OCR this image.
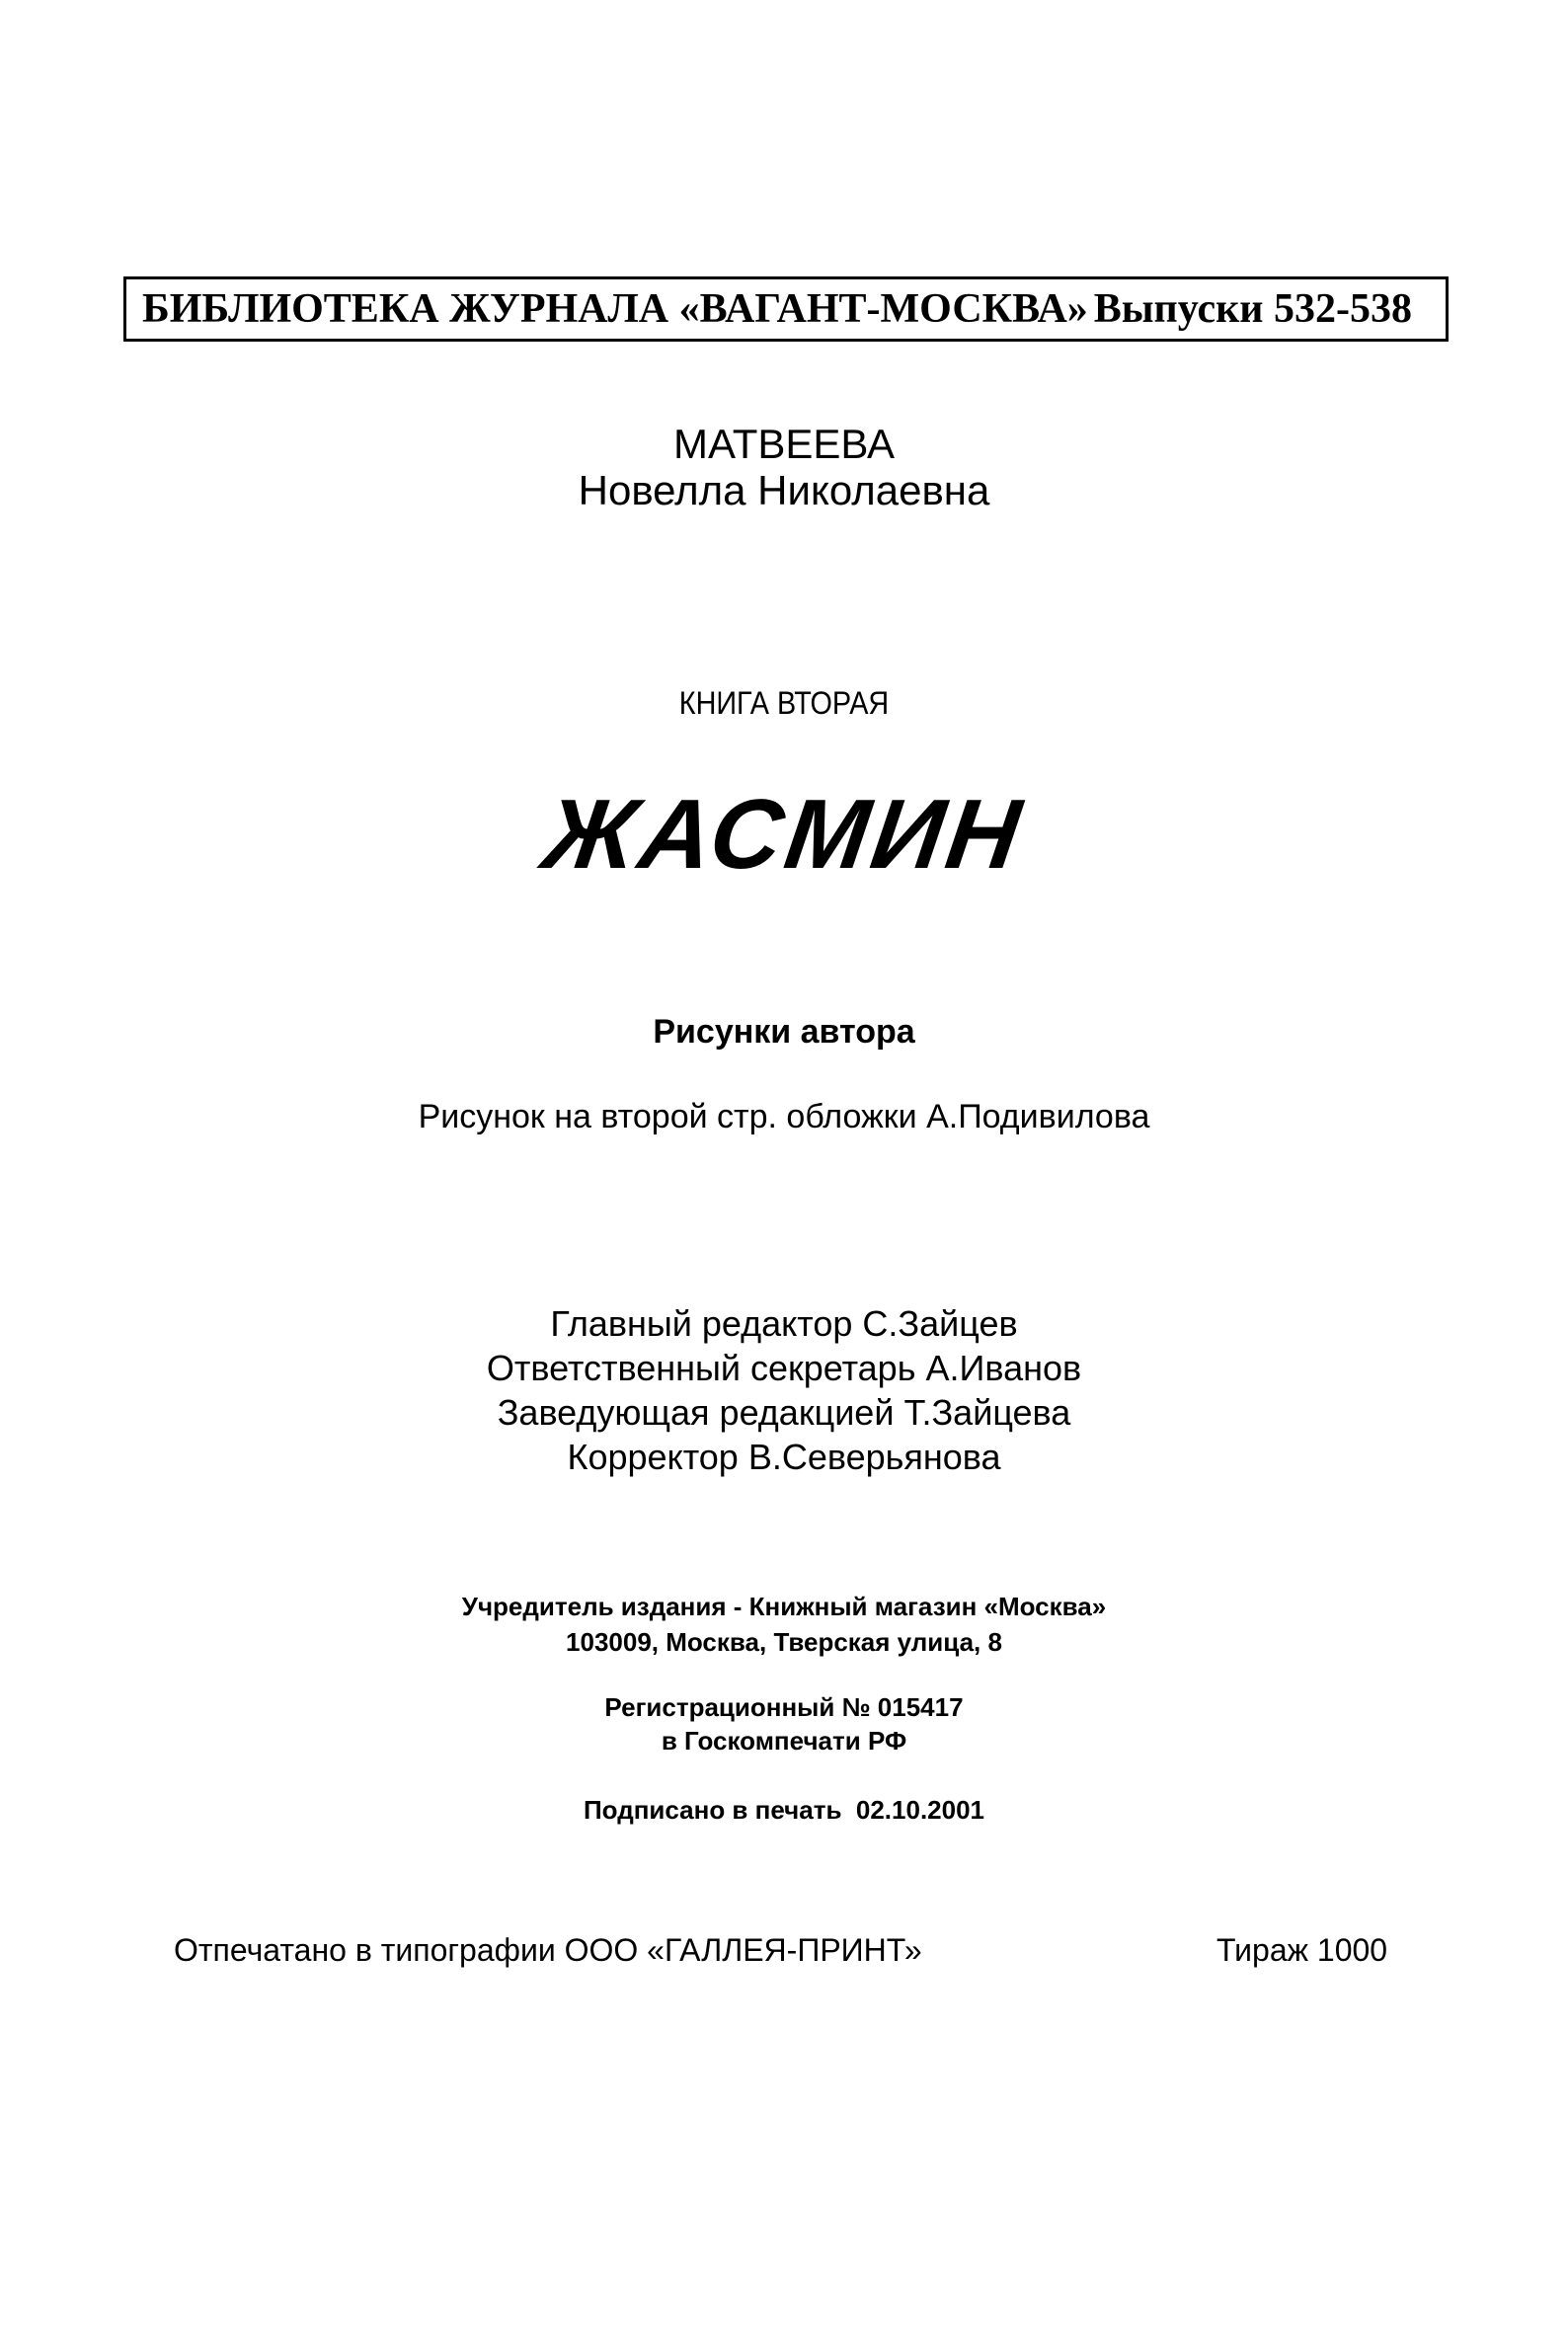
БИБЛИОТЕКА ЖУРНАЛА «ВАГАНТ-МОСКВА» Выпуски 532-538
МАТВЕЕВА
Новелла Николаевна
КНИГА ВТОРАЯ
ЖАСМИН
Рисунки автора
Рисунок на второй стр. обложки А.Подивилова
Главный редактор С.Зайцев
Ответственный секретарь А.Иванов
Заведующая редакцией Т.Зайцева
Корректор В.Северьянова
Учредитель издания - Книжный магазин «Москва»
103009, Москва, Тверская улица, 8
Регистрационный № 015417
в Госкомпечати РФ
Подписано в печать  02.10.2001
Отпечатано в типографии ООО «ГАЛЛЕЯ-ПРИНТ»	Тираж 1000
